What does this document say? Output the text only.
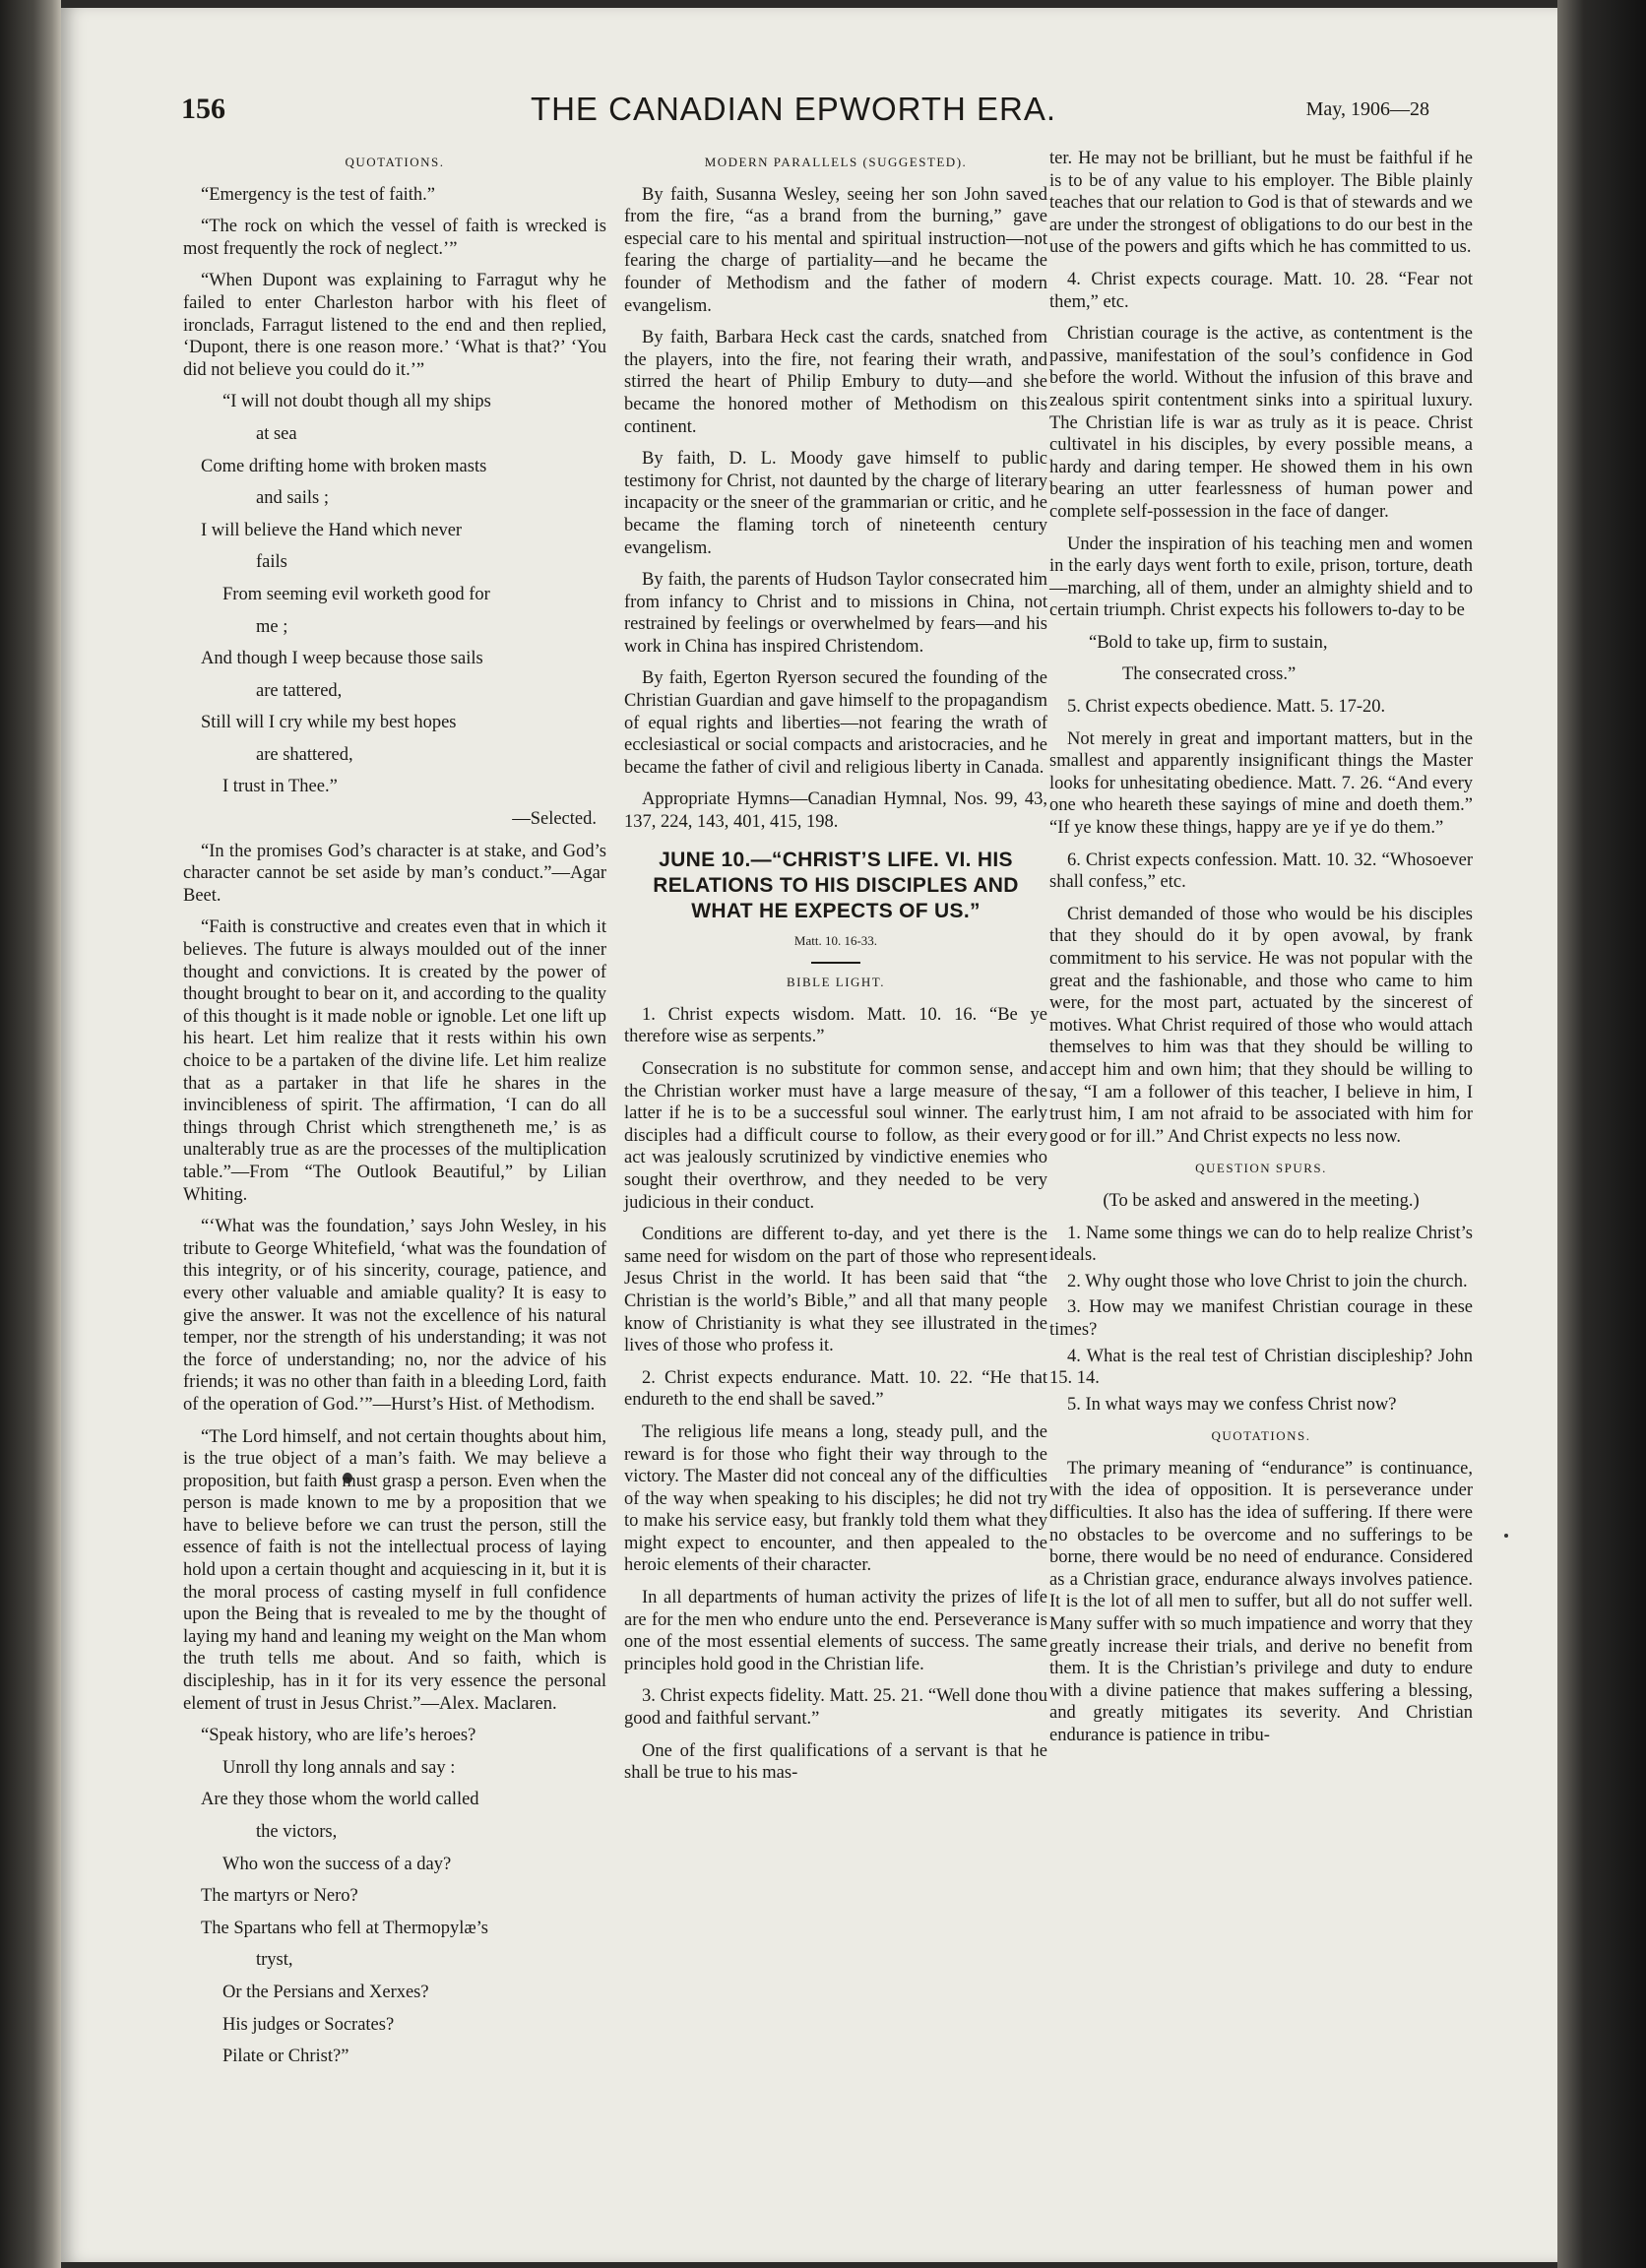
156	THE CANADIAN EPWORTH ERA.	May, 1906—28
QUOTATIONS.

“Emergency is the test of faith.”

“The rock on which the vessel of faith is wrecked is most frequently the rock of neglect.’”

“When Dupont was explaining to Farragut why he failed to enter Charleston harbor with his fleet of ironclads, Farragut listened to the end and then replied, ‘Dupont, there is one reason more.’ ‘What is that?’ ‘You did not believe you could do it.’”

“I will not doubt though all my ships

at sea

Come drifting home with broken masts

and sails ;

I will believe the Hand which never

fails

From seeming evil worketh good for

me ;

And though I weep because those sails

are tattered,

Still will I cry while my best hopes

are shattered,

I trust in Thee.”

—Selected.

“In the promises God’s character is at stake, and God’s character cannot be set aside by man’s conduct.”—Agar Beet.

“Faith is constructive and creates even that in which it believes. The future is always moulded out of the inner thought and convictions. It is created by the power of thought brought to bear on it, and according to the quality of this thought is it made noble or ignoble. Let one lift up his heart. Let him realize that it rests within his own choice to be a partaken of the divine life. Let him realize that as a partaker in that life he shares in the invincibleness of spirit. The affirmation, ‘I can do all things through Christ which strengtheneth me,’ is as unalterably true as are the processes of the multiplication table.”—From “The Outlook Beautiful,” by Lilian Whiting.

“‘What was the foundation,’ says John Wesley, in his tribute to George Whitefield, ‘what was the foundation of this integrity, or of his sincerity, courage, patience, and every other valuable and amiable quality? It is easy to give the answer. It was not the excellence of his natural temper, nor the strength of his understanding; it was not the force of understanding; no, nor the advice of his friends; it was no other than faith in a bleeding Lord, faith of the operation of God.’”—Hurst’s Hist. of Methodism.

“The Lord himself, and not certain thoughts about him, is the true object of a man’s faith. We may believe a proposition, but faith must grasp a person. Even when the person is made known to me by a proposition that we have to believe before we can trust the person, still the essence of faith is not the intellectual process of laying hold upon a certain thought and acquiescing in it, but it is the moral process of casting myself in full confidence upon the Being that is revealed to me by the thought of laying my hand and leaning my weight on the Man whom the truth tells me about. And so faith, which is discipleship, has in it for its very essence the personal element of trust in Jesus Christ.”—Alex. Maclaren.

“Speak history, who are life’s heroes?

Unroll thy long annals and say :

Are they those whom the world called

the victors,

Who won the success of a day?

The martyrs or Nero?

The Spartans who fell at Thermopylæ’s

tryst,

Or the Persians and Xerxes?

His judges or Socrates?

Pilate or Christ?”

MODERN PARALLELS (SUGGESTED).

By faith, Susanna Wesley, seeing her son John saved from the fire, “as a brand from the burning,” gave especial care to his mental and spiritual instruction—not fearing the charge of partiality—and he became the founder of Methodism and the father of modern evangelism.

By faith, Barbara Heck cast the cards, snatched from the players, into the fire, not fearing their wrath, and stirred the heart of Philip Embury to duty—and she became the honored mother of Methodism on this continent.

By faith, D. L. Moody gave himself to public testimony for Christ, not daunted by the charge of literary incapacity or the sneer of the grammarian or critic, and he became the flaming torch of nineteenth century evangelism.

By faith, the parents of Hudson Taylor consecrated him from infancy to Christ and to missions in China, not restrained by feelings or overwhelmed by fears—and his work in China has inspired Christendom.

By faith, Egerton Ryerson secured the founding of the Christian Guardian and gave himself to the propagandism of equal rights and liberties—not fearing the wrath of ecclesiastical or social compacts and aristocracies, and he became the father of civil and religious liberty in Canada.

Appropriate Hymns—Canadian Hymnal, Nos. 99, 43, 137, 224, 143, 401, 415, 198.

JUNE 10.—“CHRIST’S LIFE. VI. HIS RELATIONS TO HIS DISCIPLES AND WHAT HE EXPECTS OF US.”
Matt. 10. 16-33.
BIBLE LIGHT.

1. Christ expects wisdom. Matt. 10. 16. “Be ye therefore wise as serpents.”

Consecration is no substitute for common sense, and the Christian worker must have a large measure of the latter if he is to be a successful soul winner. The early disciples had a difficult course to follow, as their every act was jealously scrutinized by vindictive enemies who sought their overthrow, and they needed to be very judicious in their conduct.

Conditions are different to-day, and yet there is the same need for wisdom on the part of those who represent Jesus Christ in the world. It has been said that “the Christian is the world’s Bible,” and all that many people know of Christianity is what they see illustrated in the lives of those who profess it.

2. Christ expects endurance. Matt. 10. 22. “He that endureth to the end shall be saved.”

The religious life means a long, steady pull, and the reward is for those who fight their way through to the victory. The Master did not conceal any of the difficulties of the way when speaking to his disciples; he did not try to make his service easy, but frankly told them what they might expect to encounter, and then appealed to the heroic elements of their character.

In all departments of human activity the prizes of life are for the men who endure unto the end. Perseverance is one of the most essential elements of success. The same principles hold good in the Christian life.

3. Christ expects fidelity. Matt. 25. 21. “Well done thou good and faithful servant.”

One of the first qualifications of a servant is that he shall be true to his mas-

ter. He may not be brilliant, but he must be faithful if he is to be of any value to his employer. The Bible plainly teaches that our relation to God is that of stewards and we are under the strongest of obligations to do our best in the use of the powers and gifts which he has committed to us.

4. Christ expects courage. Matt. 10. 28. “Fear not them,” etc.

Christian courage is the active, as contentment is the passive, manifestation of the soul’s confidence in God before the world. Without the infusion of this brave and zealous spirit contentment sinks into a spiritual luxury. The Christian life is war as truly as it is peace. Christ cultivatel in his disciples, by every possible means, a hardy and daring temper. He showed them in his own bearing an utter fearlessness of human power and complete self-possession in the face of danger.

Under the inspiration of his teaching men and women in the early days went forth to exile, prison, torture, death—marching, all of them, under an almighty shield and to certain triumph. Christ expects his followers to-day to be

“Bold to take up, firm to sustain,

The consecrated cross.”

5. Christ expects obedience. Matt. 5. 17-20.

Not merely in great and important matters, but in the smallest and apparently insignificant things the Master looks for unhesitating obedience. Matt. 7. 26. “And every one who heareth these sayings of mine and doeth them.” “If ye know these things, happy are ye if ye do them.”

6. Christ expects confession. Matt. 10. 32. “Whosoever shall confess,” etc.

Christ demanded of those who would be his disciples that they should do it by open avowal, by frank commitment to his service. He was not popular with the great and the fashionable, and those who came to him were, for the most part, actuated by the sincerest of motives. What Christ required of those who would attach themselves to him was that they should be willing to accept him and own him; that they should be willing to say, “I am a follower of this teacher, I believe in him, I trust him, I am not afraid to be associated with him for good or for ill.” And Christ expects no less now.

QUESTION SPURS.

(To be asked and answered in the meeting.)

1. Name some things we can do to help realize Christ’s ideals.

2. Why ought those who love Christ to join the church.

3. How may we manifest Christian courage in these times?

4. What is the real test of Christian discipleship? John 15. 14.

5. In what ways may we confess Christ now?

QUOTATIONS.

The primary meaning of “endurance” is continuance, with the idea of opposition. It is perseverance under difficulties. It also has the idea of suffering. If there were no obstacles to be overcome and no sufferings to be borne, there would be no need of endurance. Considered as a Christian grace, endurance always involves patience. It is the lot of all men to suffer, but all do not suffer well. Many suffer with so much impatience and worry that they greatly increase their trials, and derive no benefit from them. It is the Christian’s privilege and duty to endure with a divine patience that makes suffering a blessing, and greatly mitigates its severity. And Christian endurance is patience in tribu-
